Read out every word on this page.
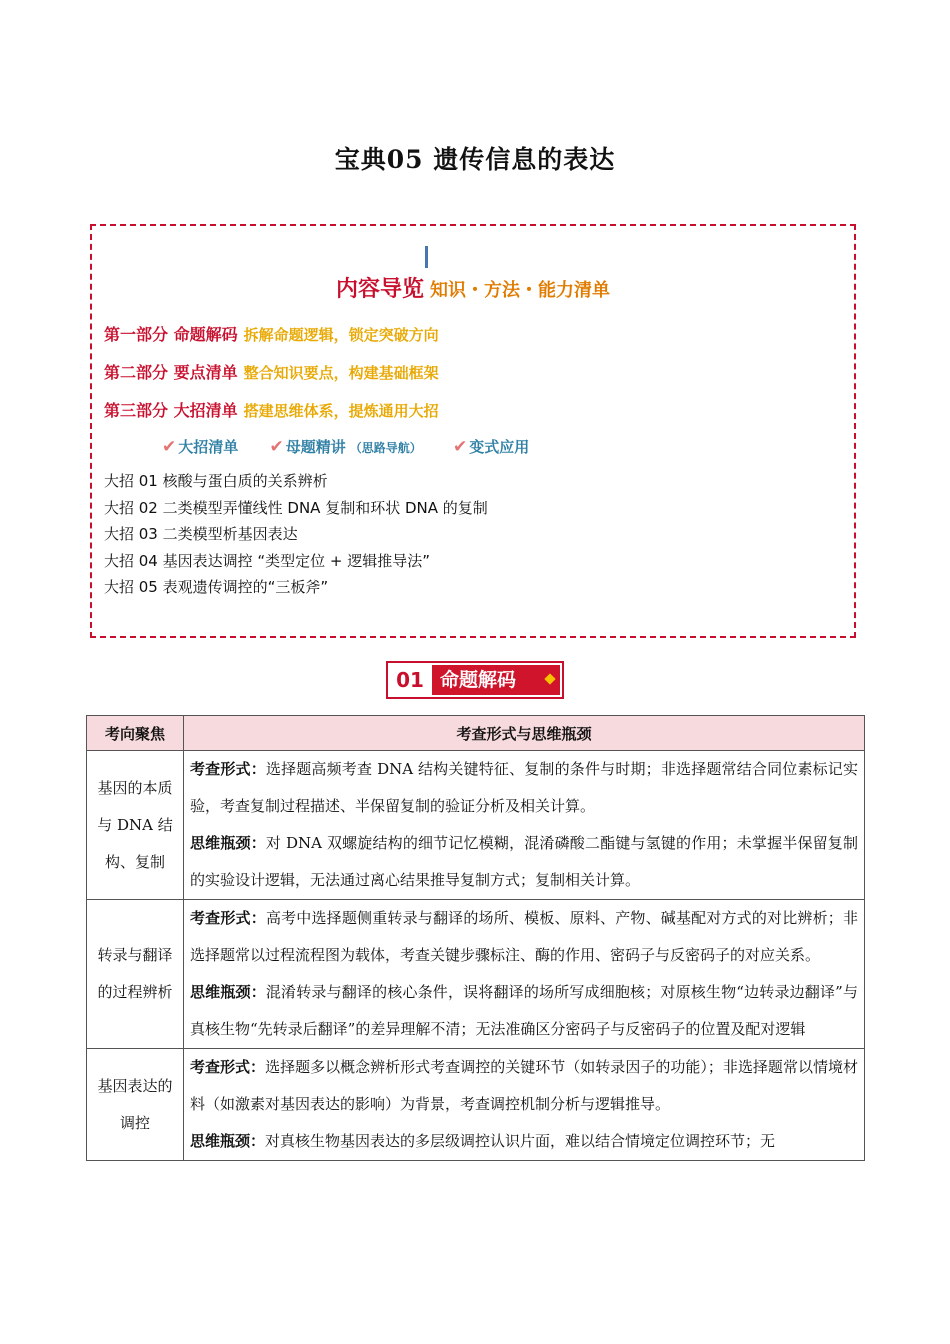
宝典05 遗传信息的表达
内容导览 知识・方法・能力清单
第一部分 命题解码 拆解命题逻辑，锁定突破方向
第二部分 要点清单 整合知识要点，构建基础框架
第三部分 大招清单 搭建思维体系，提炼通用大招
✔ 大招清单 ✔ 母题精讲 （思路导航） ✔ 变式应用
大招 01 核酸与蛋白质的关系辨析
大招 02 二类模型弄懂线性 DNA 复制和环状 DNA 的复制
大招 03 二类模型析基因表达
大招 04 基因表达调控 “类型定位 + 逻辑推导法”
大招 05 表观遗传调控的“三板斧”
01 命题解码
考向聚焦	考查形式与思维瓶颈
基因的本质与 DNA 结构、复制	考查形式：选择题高频考查 DNA 结构关键特征、复制的条件与时期；非选择题常结合同位素标记实验，考查复制过程描述、半保留复制的验证分析及相关计算。
思维瓶颈：对 DNA 双螺旋结构的细节记忆模糊，混淆磷酸二酯键与氢键的作用；未掌握半保留复制的实验设计逻辑，无法通过离心结果推导复制方式；复制相关计算。

转录与翻译的过程辨析	考查形式：高考中选择题侧重转录与翻译的场所、模板、原料、产物、碱基配对方式的对比辨析；非选择题常以过程流程图为载体，考查关键步骤标注、酶的作用、密码子与反密码子的对应关系。
思维瓶颈：混淆转录与翻译的核心条件，误将翻译的场所写成细胞核；对原核生物“边转录边翻译”与真核生物“先转录后翻译”的差异理解不清；无法准确区分密码子与反密码子的位置及配对逻辑

基因表达的调控	考查形式：选择题多以概念辨析形式考查调控的关键环节（如转录因子的功能）；非选择题常以情境材料（如激素对基因表达的影响）为背景，考查调控机制分析与逻辑推导。
思维瓶颈：对真核生物基因表达的多层级调控认识片面，难以结合情境定位调控环节；无
